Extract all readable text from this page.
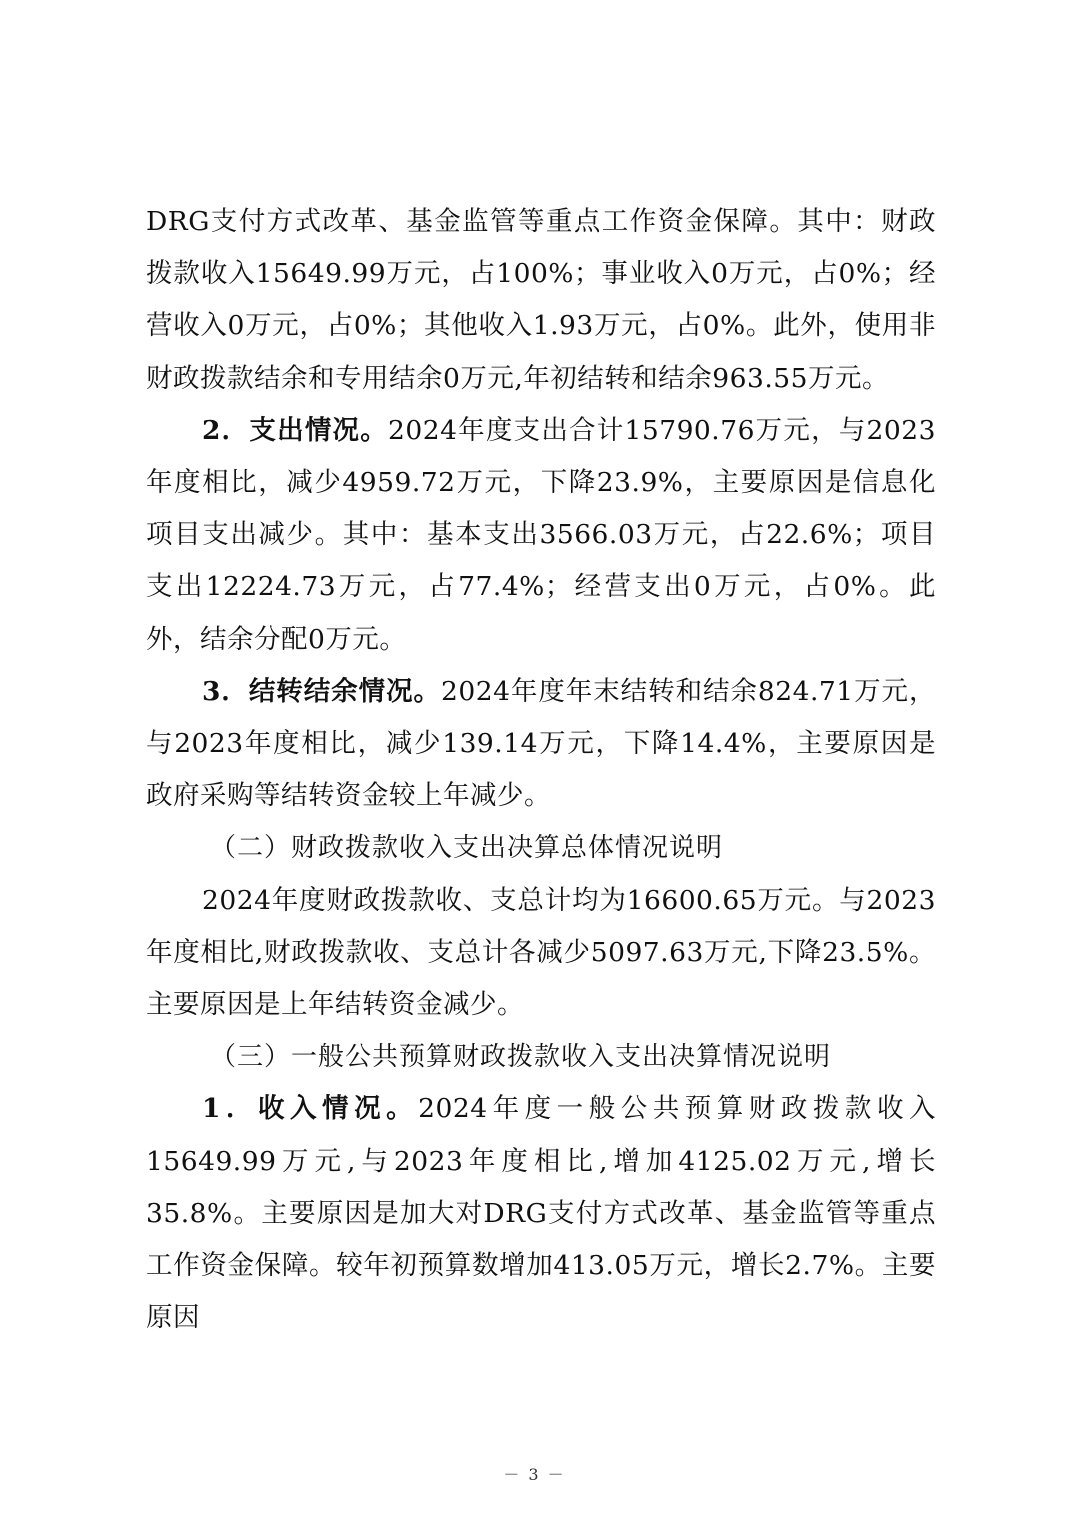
DRG支付方式改革、基金监管等重点工作资金保障。其中：财政拨款收入15649.99万元，占100%；事业收入0万元，占0%；经营收入0万元，占0%；其他收入1.93万元，占0%。此外，使用非财政拨款结余和专用结余0万元,年初结转和结余963.55万元。

2．支出情况。2024年度支出合计15790.76万元，与2023年度相比，减少4959.72万元，下降23.9%，主要原因是信息化项目支出减少。其中：基本支出3566.03万元，占22.6%；项目支出12224.73万元，占77.4%；经营支出0万元，占0%。此外，结余分配0万元。

3．结转结余情况。2024年度年末结转和结余824.71万元，与2023年度相比，减少139.14万元，下降14.4%，主要原因是政府采购等结转资金较上年减少。

（二）财政拨款收入支出决算总体情况说明

2024年度财政拨款收、支总计均为16600.65万元。与2023年度相比,财政拨款收、支总计各减少5097.63万元,下降23.5%。主要原因是上年结转资金减少。

（三）一般公共预算财政拨款收入支出决算情况说明

1．收入情况。2024年度一般公共预算财政拨款收入15649.99万元,与2023年度相比,增加4125.02万元,增长35.8%。主要原因是加大对DRG支付方式改革、基金监管等重点工作资金保障。较年初预算数增加413.05万元，增长2.7%。主要原因

－ 3 －
